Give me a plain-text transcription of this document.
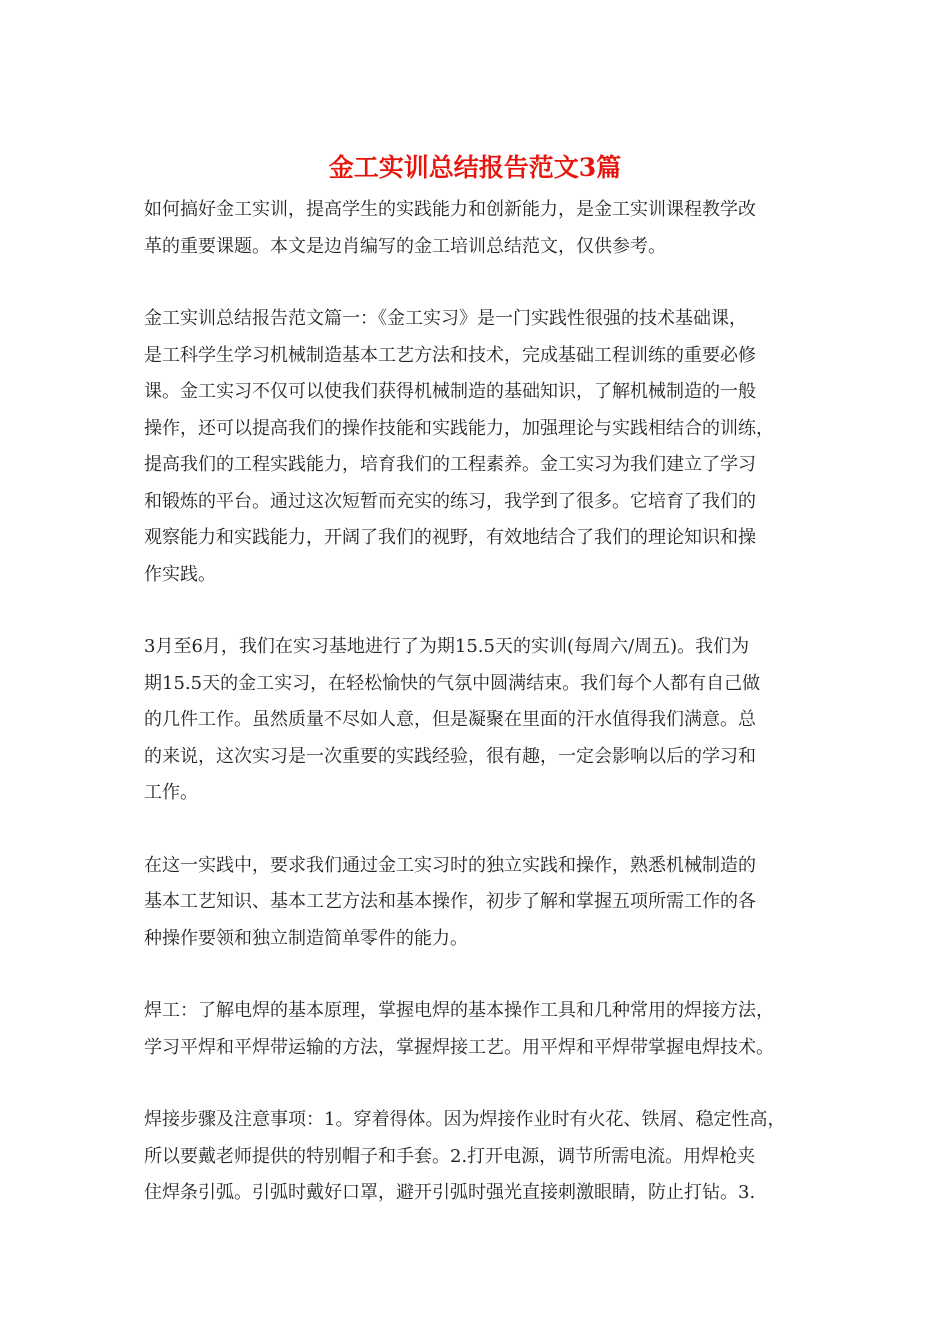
金工实训总结报告范文3篇
如何搞好金工实训，提高学生的实践能力和创新能力，是金工实训课程教学改
革的重要课题。本文是边肖编写的金工培训总结范文，仅供参考。
金工实训总结报告范文篇一：《金工实习》是一门实践性很强的技术基础课，
是工科学生学习机械制造基本工艺方法和技术，完成基础工程训练的重要必修
课。金工实习不仅可以使我们获得机械制造的基础知识，了解机械制造的一般
操作，还可以提高我们的操作技能和实践能力，加强理论与实践相结合的训练，
提高我们的工程实践能力，培育我们的工程素养。金工实习为我们建立了学习
和锻炼的平台。通过这次短暂而充实的练习，我学到了很多。它培育了我们的
观察能力和实践能力，开阔了我们的视野，有效地结合了我们的理论知识和操
作实践。
3月至6月，我们在实习基地进行了为期15.5天的实训(每周六/周五)。我们为
期15.5天的金工实习，在轻松愉快的气氛中圆满结束。我们每个人都有自己做
的几件工作。虽然质量不尽如人意，但是凝聚在里面的汗水值得我们满意。总
的来说，这次实习是一次重要的实践经验，很有趣，一定会影响以后的学习和
工作。
在这一实践中，要求我们通过金工实习时的独立实践和操作，熟悉机械制造的
基本工艺知识、基本工艺方法和基本操作，初步了解和掌握五项所需工作的各
种操作要领和独立制造简单零件的能力。
焊工：了解电焊的基本原理，掌握电焊的基本操作工具和几种常用的焊接方法，
学习平焊和平焊带运输的方法，掌握焊接工艺。用平焊和平焊带掌握电焊技术。
焊接步骤及注意事项：1。穿着得体。因为焊接作业时有火花、铁屑、稳定性高，
所以要戴老师提供的特别帽子和手套。2.打开电源，调节所需电流。用焊枪夹
住焊条引弧。引弧时戴好口罩，避开引弧时强光直接刺激眼睛，防止打钻。3.
